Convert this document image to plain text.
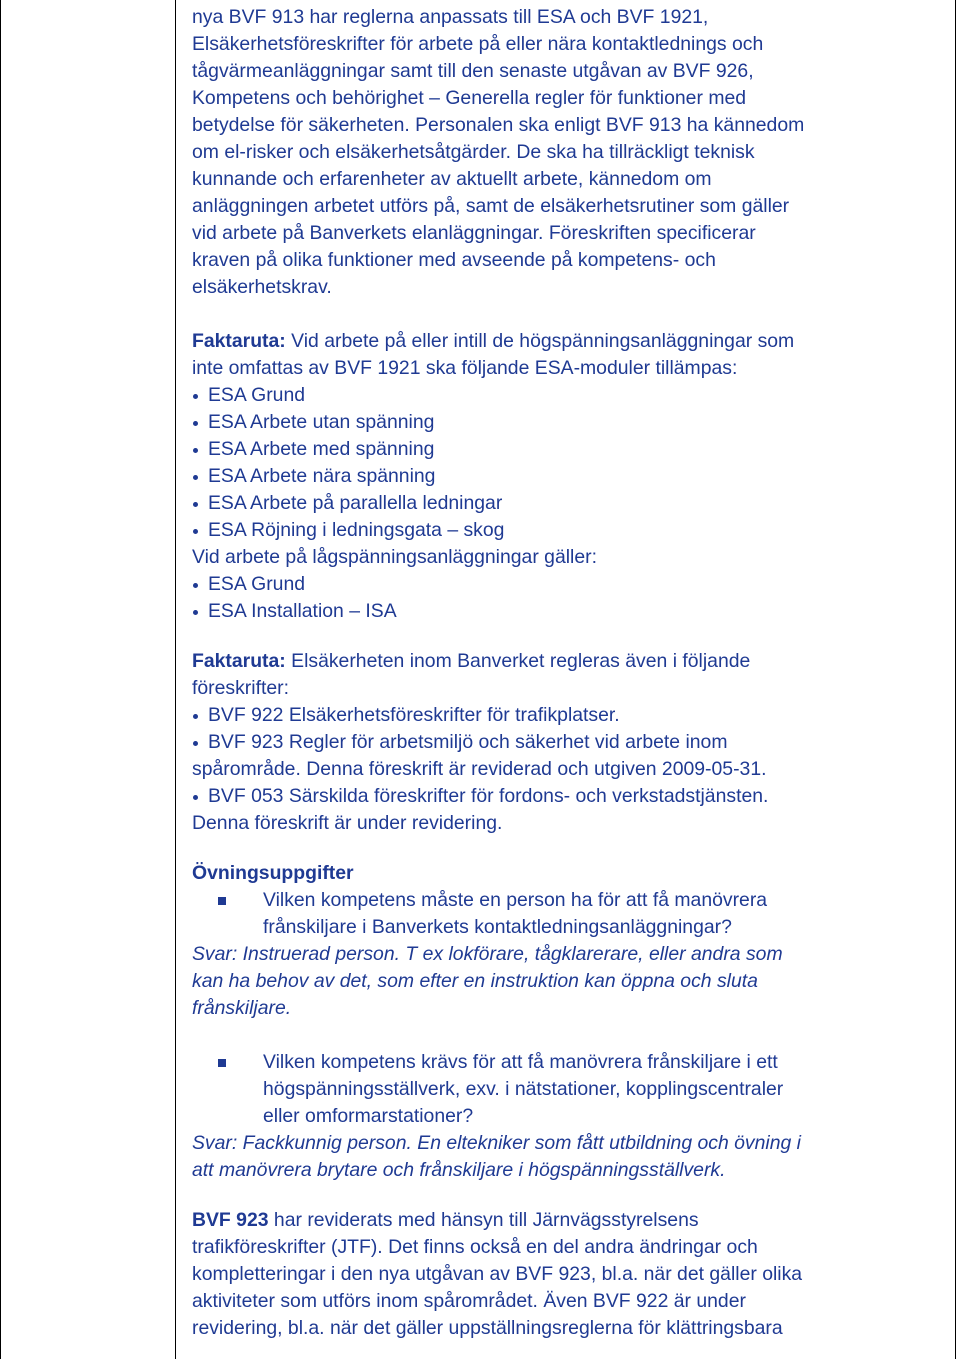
nya BVF 913 har reglerna anpassats till ESA och BVF 1921,
Elsäkerhetsföreskrifter för arbete på eller nära kontaktlednings och
tågvärmeanläggningar samt till den senaste utgåvan av BVF 926,
Kompetens och behörighet – Generella regler för funktioner med
betydelse för säkerheten. Personalen ska enligt BVF 913 ha kännedom
om el-risker och elsäkerhetsåtgärder. De ska ha tillräckligt teknisk
kunnande och erfarenheter av aktuellt arbete, kännedom om
anläggningen arbetet utförs på, samt de elsäkerhetsrutiner som gäller
vid arbete på Banverkets elanläggningar. Föreskriften specificerar
kraven på olika funktioner med avseende på kompetens- och
elsäkerhetskrav.

Faktaruta: Vid arbete på eller intill de högspänningsanläggningar som

inte omfattas av BVF 1921 ska följande ESA-moduler tillämpas:

ESA Grund
ESA Arbete utan spänning
ESA Arbete med spänning
ESA Arbete nära spänning
ESA Arbete på parallella ledningar
ESA Röjning i ledningsgata – skog

Vid arbete på lågspänningsanläggningar gäller:

ESA Grund
ESA Installation – ISA

Faktaruta: Elsäkerheten inom Banverket regleras även i följande

föreskrifter:

BVF 922 Elsäkerhetsföreskrifter för trafikplatser.

BVF 923 Regler för arbetsmiljö och säkerhet vid arbete inom
spårområde. Denna föreskrift är reviderad och utgiven 2009-05-31.

BVF 053 Särskilda föreskrifter för fordons- och verkstadstjänsten.
Denna föreskrift är under revidering.

Övningsuppgifter

Vilken kompetens måste en person ha för att få manövrera
frånskiljare i Banverkets kontaktledningsanläggningar?

Svar: Instruerad person. T ex lokförare, tågklarerare, eller andra som
kan ha behov av det, som efter en instruktion kan öppna och sluta
frånskiljare.

Vilken kompetens krävs för att få manövrera frånskiljare i ett
högspänningsställverk, exv. i nätstationer, kopplingscentraler
eller omformarstationer?

Svar: Fackkunnig person. En eltekniker som fått utbildning och övning i
att manövrera brytare och frånskiljare i högspänningsställverk.

BVF 923 har reviderats med hänsyn till Järnvägsstyrelsens
trafikföreskrifter (JTF). Det finns också en del andra ändringar och
kompletteringar i den nya utgåvan av BVF 923, bl.a. när det gäller olika
aktiviteter som utförs inom spårområdet. Även BVF 922 är under
revidering, bl.a. när det gäller uppställningsreglerna för klättringsbara
